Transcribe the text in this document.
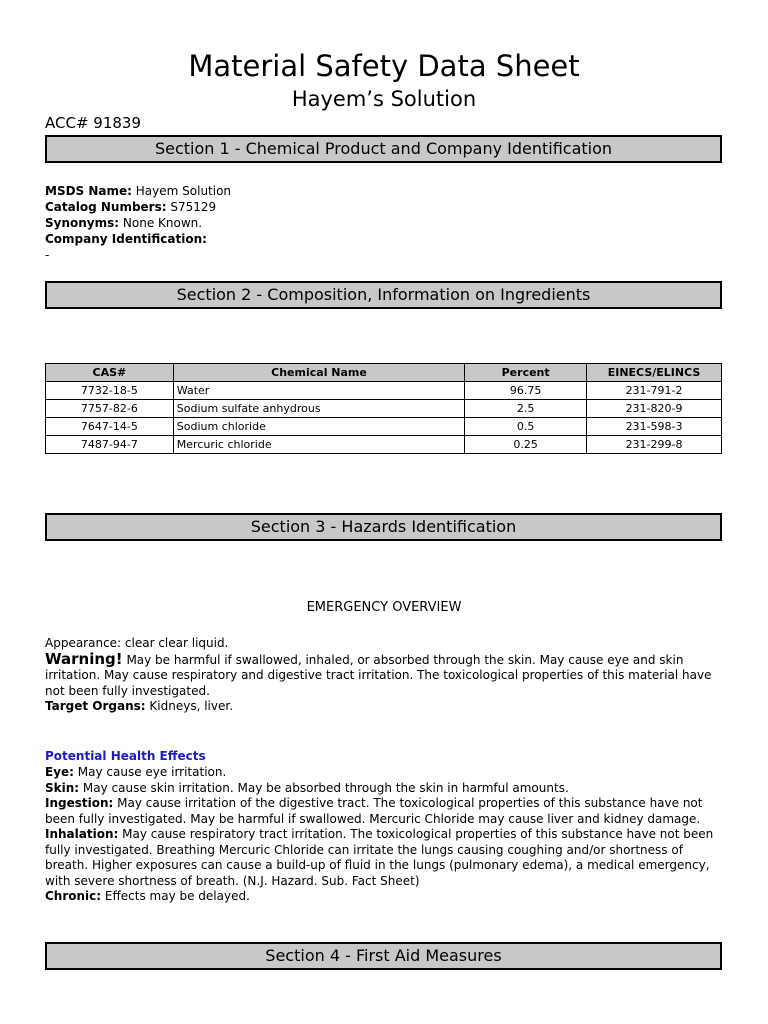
Material Safety Data Sheet
Hayem’s Solution
ACC# 91839
Section 1 - Chemical Product and Company Identification
MSDS Name: Hayem Solution
Catalog Numbers: S75129
Synonyms: None Known.
Company Identification:
-
Section 2 - Composition, Information on Ingredients
CAS#	Chemical Name	Percent	EINECS/ELINCS
7732-18-5	Water	96.75	231-791-2
7757-82-6	Sodium sulfate anhydrous	2.5	231-820-9
7647-14-5	Sodium chloride	0.5	231-598-3
7487-94-7	Mercuric chloride	0.25	231-299-8
Section 3 - Hazards Identification
EMERGENCY OVERVIEW
Appearance: clear clear liquid.
Warning! May be harmful if swallowed, inhaled, or absorbed through the skin. May cause eye and skin irritation. May cause respiratory and digestive tract irritation. The toxicological properties of this material have not been fully investigated.
Target Organs: Kidneys, liver.
Potential Health Effects
Eye: May cause eye irritation.
Skin: May cause skin irritation. May be absorbed through the skin in harmful amounts.
Ingestion: May cause irritation of the digestive tract. The toxicological properties of this substance have not been fully investigated. May be harmful if swallowed. Mercuric Chloride may cause liver and kidney damage.
Inhalation: May cause respiratory tract irritation. The toxicological properties of this substance have not been fully investigated. Breathing Mercuric Chloride can irritate the lungs causing coughing and/or shortness of breath. Higher exposures can cause a build-up of fluid in the lungs (pulmonary edema), a medical emergency, with severe shortness of breath. (N.J. Hazard. Sub. Fact Sheet)
Chronic: Effects may be delayed.
Section 4 - First Aid Measures
